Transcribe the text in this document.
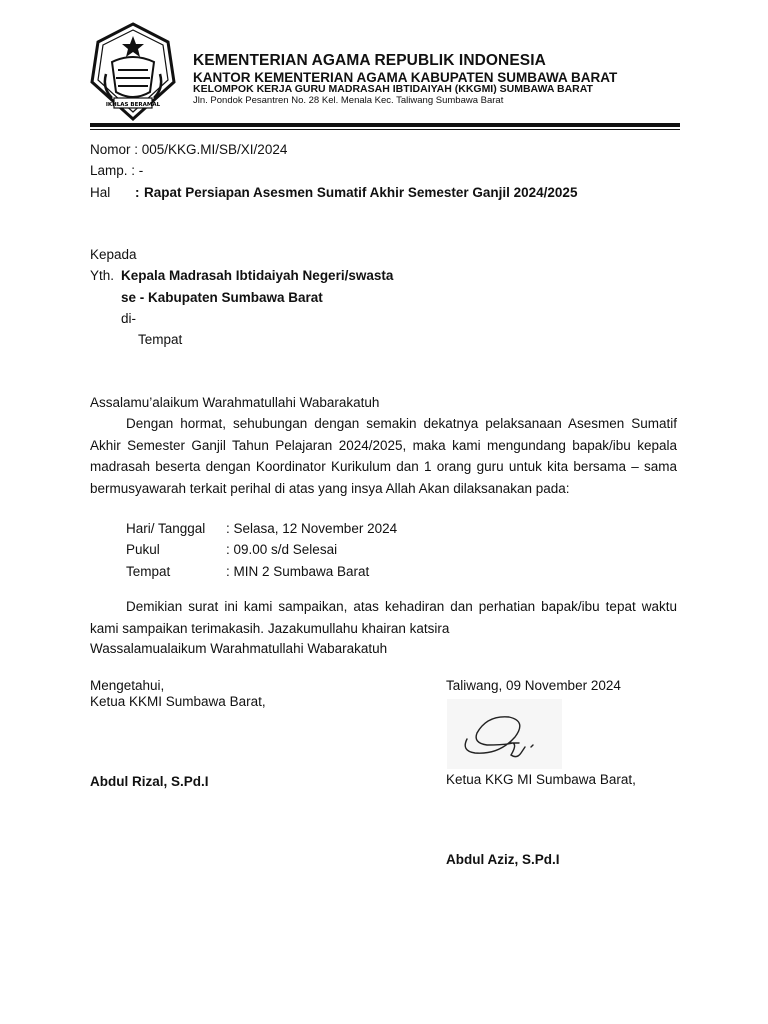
IKHLAS BERAMAL
KEMENTERIAN AGAMA REPUBLIK INDONESIA
KANTOR KEMENTERIAN AGAMA KABUPATEN SUMBAWA BARAT
KELOMPOK KERJA GURU MADRASAH IBTIDAIYAH (KKGMI) SUMBAWA BARAT
Jln. Pondok Pesantren No. 28 Kel. Menala Kec. Taliwang Sumbawa Barat
Nomor : 005/KKG.MI/SB/XI/2024
Lamp. : -
Hal : Rapat Persiapan Asesmen Sumatif Akhir Semester Ganjil 2024/2025
Kepada
Yth. Kepala Madrasah Ibtidaiyah Negeri/swasta
se - Kabupaten Sumbawa Barat
di-
Tempat
Assalamu’alaikum Warahmatullahi Wabarakatuh
Dengan hormat, sehubungan dengan semakin dekatnya pelaksanaan Asesmen Sumatif Akhir Semester Ganjil Tahun Pelajaran 2024/2025, maka kami mengundang bapak/ibu kepala madrasah beserta dengan Koordinator Kurikulum dan 1 orang guru untuk kita bersama – sama bermusyawarah terkait perihal di atas yang insya Allah Akan dilaksanakan pada:
Hari/ Tanggal : Selasa, 12 November 2024
Pukul	: 09.00 s/d Selesai
Tempat	: MIN 2 Sumbawa Barat
Demikian surat ini kami sampaikan, atas kehadiran dan perhatian bapak/ibu tepat waktu kami sampaikan terimakasih. Jazakumullahu khairan katsira
Wassalamualaikum Warahmatullahi Wabarakatuh
Mengetahui,
Ketua KKMI Sumbawa Barat,
Abdul Rizal, S.Pd.I
Taliwang, 09 November 2024
Ketua KKG MI Sumbawa Barat,
Abdul Aziz, S.Pd.I
